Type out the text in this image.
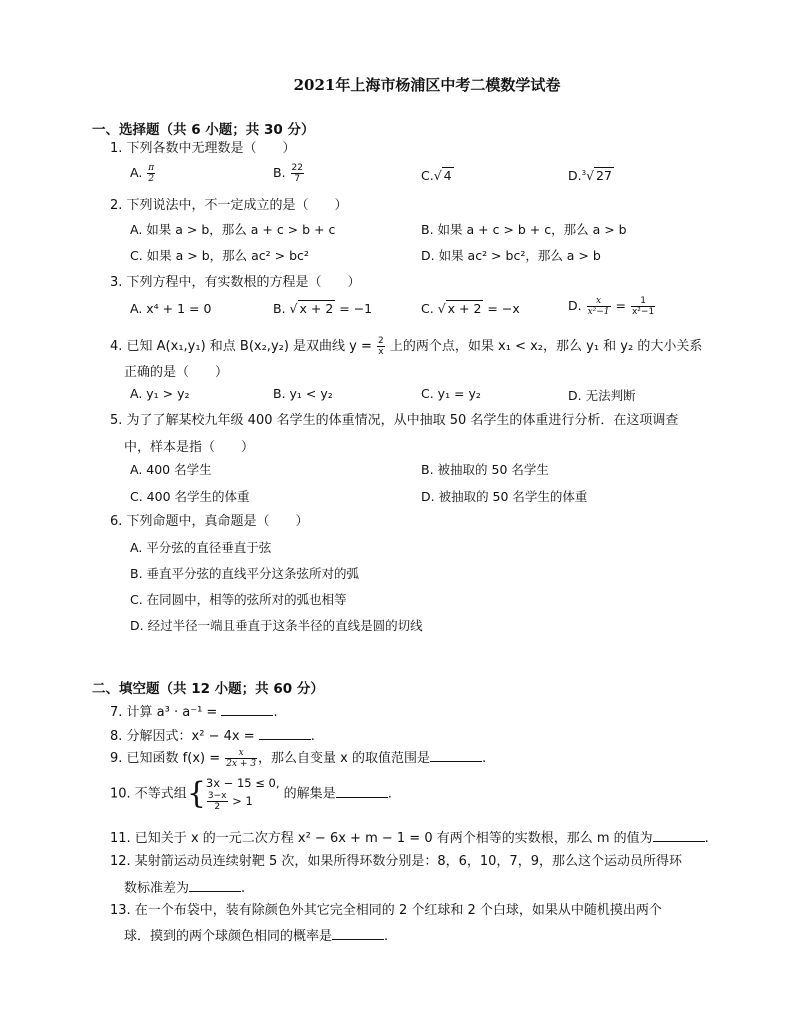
2021年上海市杨浦区中考二模数学试卷
一、选择题（共 6 小题；共 30 分）
1. 下列各数中无理数是（　　）
A. $\frac{\pi}{2}$	B. $\frac{22}{7}$	C.√ 4	D.$^3$√ 27
2. 下列说法中，不一定成立的是（　　）
A. 如果 a > b，那么 a + c > b + c	B. 如果 a + c > b + c，那么 a > b
C. 如果 a > b，那么 ac² > bc²	D. 如果 ac² > bc²，那么 a > b
3. 下列方程中，有实数根的方程是（　　）
A. x⁴ + 1 = 0	B. √ x + 2 = −1	C. √ x + 2 = −x	D. $\frac{x}{\text{x²−1}} = \frac{1}{\text{x²−1}}$
4. 已知 A(x₁,y₁) 和点 B(x₂,y₂) 是双曲线 $y = \frac{2}{x}$ 上的两个点，如果 x₁ < x₂，那么 y₁ 和 y₂ 的大小关系
正确的是（　　）
A. y₁ > y₂	B. y₁ < y₂	C. y₁ = y₂	D. 无法判断
5. 为了了解某校九年级 400 名学生的体重情况，从中抽取 50 名学生的体重进行分析．在这项调查
中，样本是指（　　）
A. 400 名学生	B. 被抽取的 50 名学生
C. 400 名学生的体重	D. 被抽取的 50 名学生的体重
6. 下列命题中，真命题是（　　）
A. 平分弦的直径垂直于弦
B. 垂直平分弦的直线平分这条弦所对的弧
C. 在同圆中，相等的弦所对的弧也相等
D. 经过半径一端且垂直于这条半径的直线是圆的切线
二、填空题（共 12 小题；共 60 分）
7. 计算 a³ · a⁻¹ =	.
8. 分解因式：x² − 4x =	.
9. 已知函数 $f(x) = \frac{x}{2x + 3}$ ，那么自变量 x 的取值范围是	.
10. 不等式组{3x − 15 ≤ 0,

$\frac{3-x}{2} > 1$ 的解集是	.
11. 已知关于 x 的一元二次方程 x² − 6x + m − 1 = 0 有两个相等的实数根，那么 m 的值为	.
12. 某射箭运动员连续射靶 5 次，如果所得环数分别是：8，6，10，7，9，那么这个运动员所得环
数标准差为	.
13. 在一个布袋中，装有除颜色外其它完全相同的 2 个红球和 2 个白球，如果从中随机摸出两个
球．摸到的两个球颜色相同的概率是	.
